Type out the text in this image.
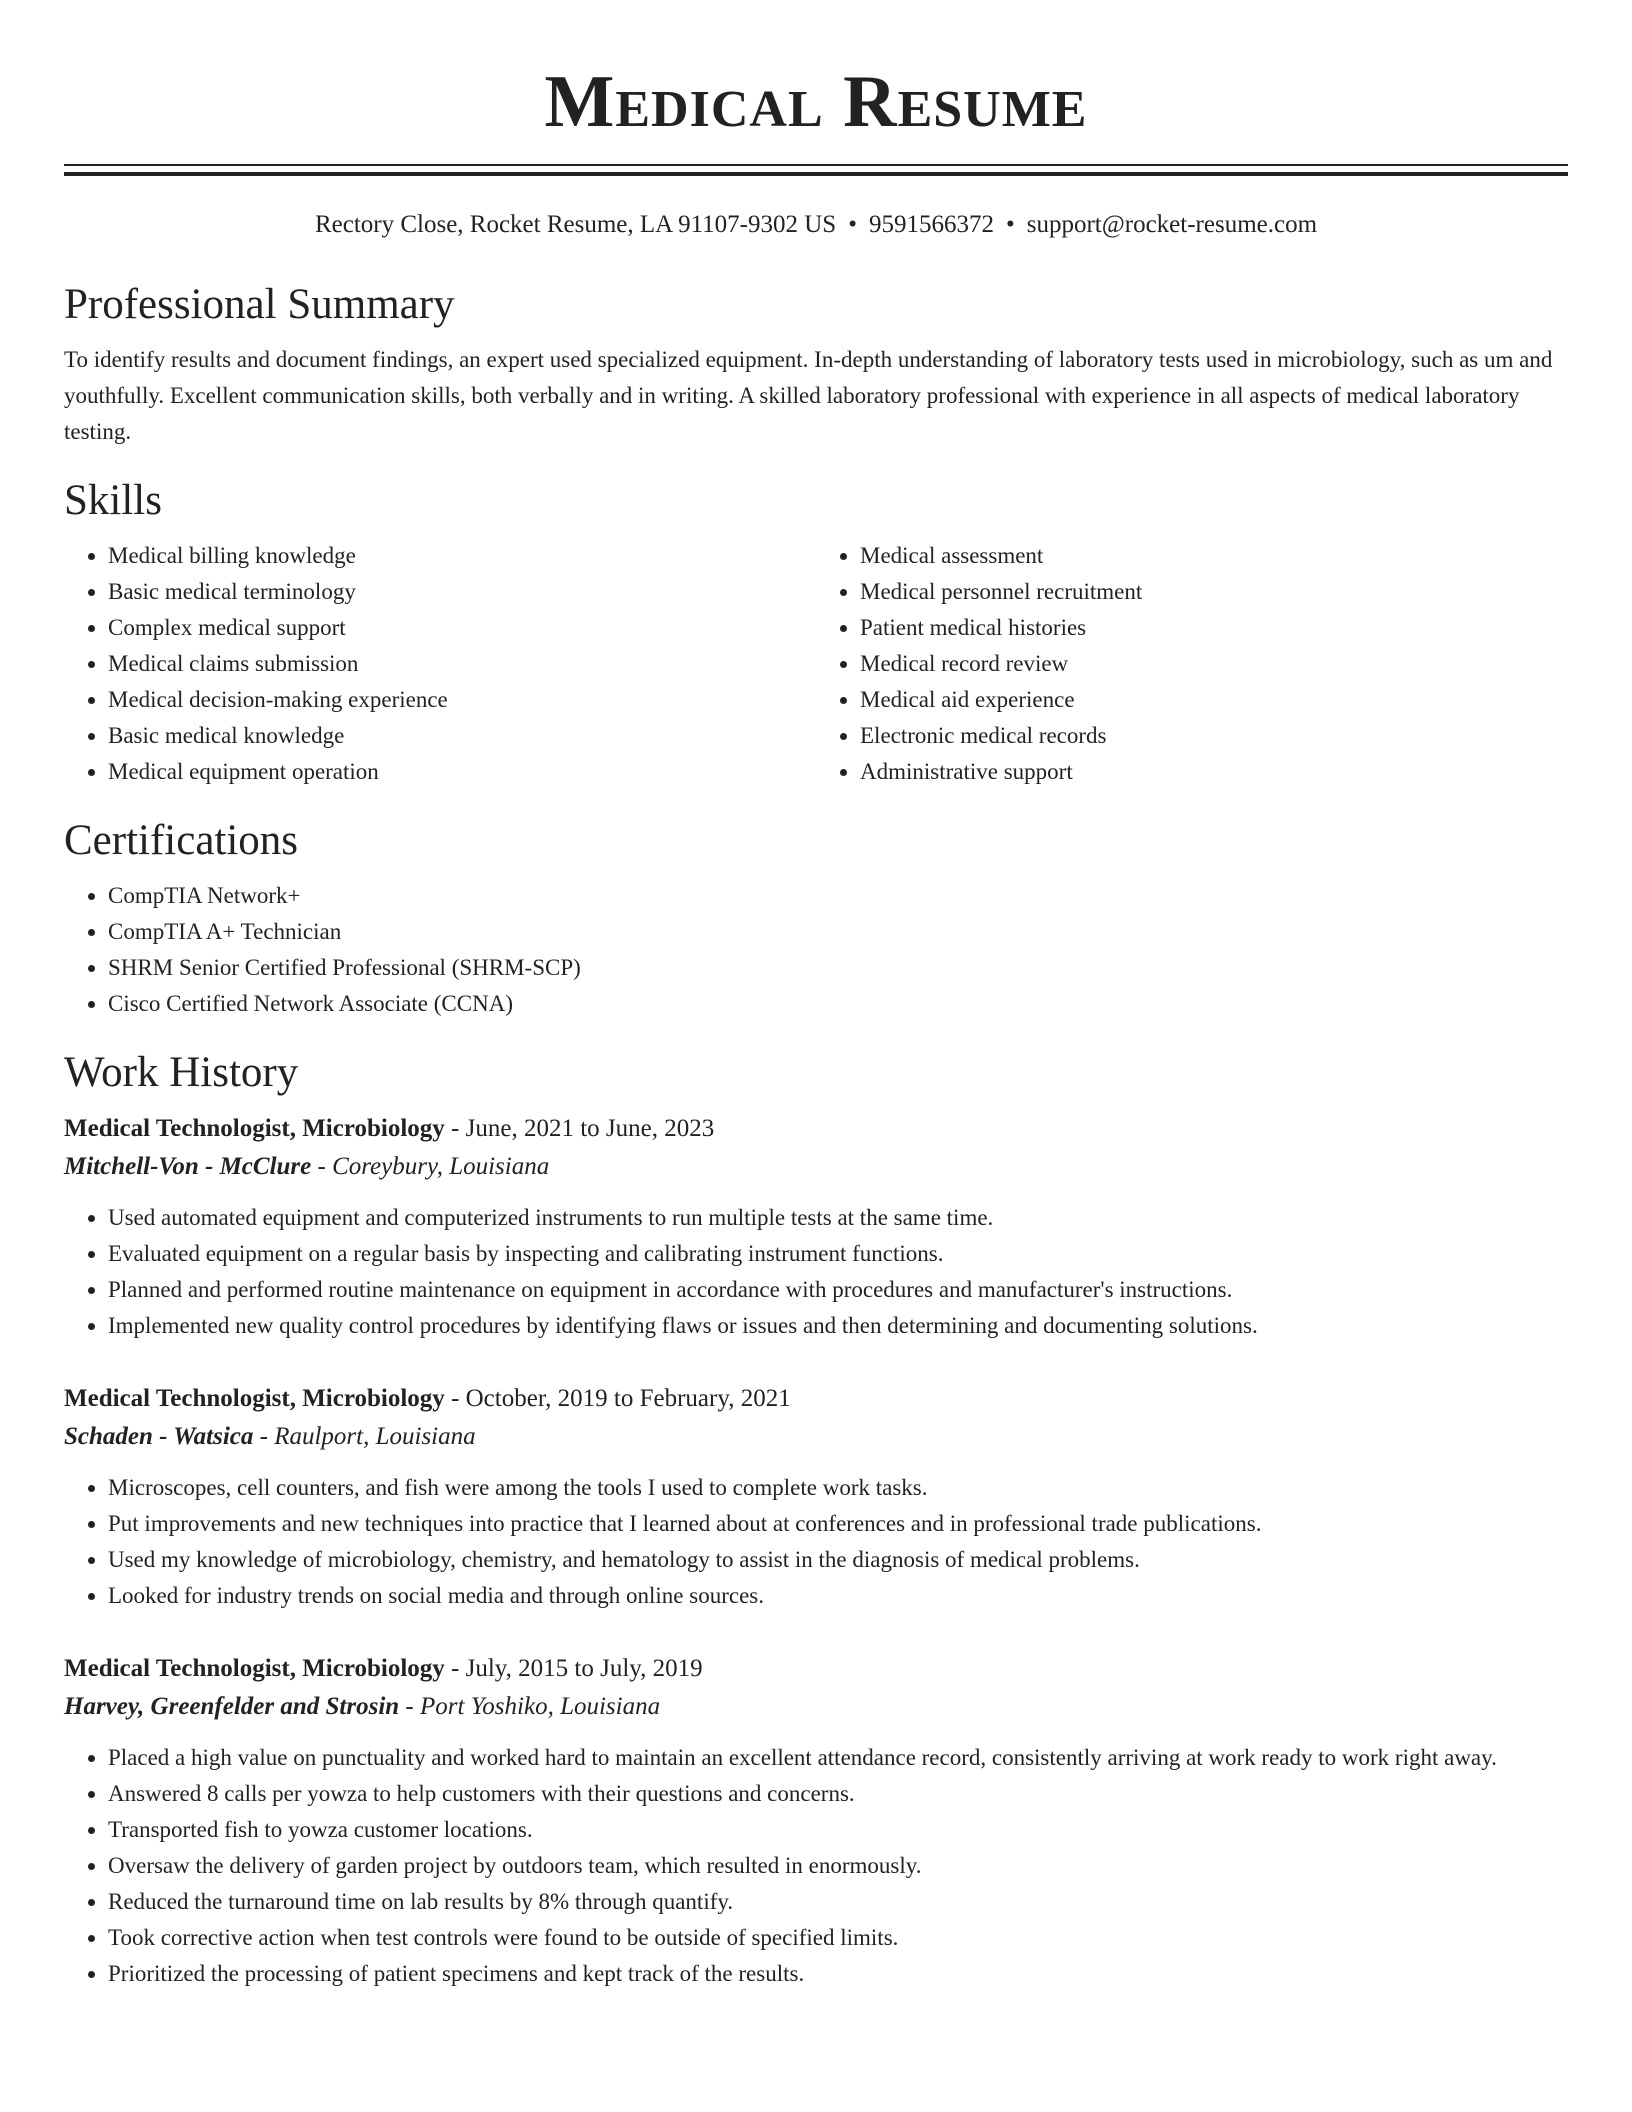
Medical Resume
Rectory Close, Rocket Resume, LA 91107-9302 US • 9591566372 • support@rocket-resume.com
Professional Summary

To identify results and document findings, an expert used specialized equipment. In-depth understanding of laboratory tests used in microbiology, such as um and youthfully. Excellent communication skills, both verbally and in writing. A skilled laboratory professional with experience in all aspects of medical laboratory testing.

Skills
• Medical billing knowledge
• Basic medical terminology
• Complex medical support
• Medical claims submission
• Medical decision-making experience
• Basic medical knowledge
• Medical equipment operation
• Medical assessment
• Medical personnel recruitment
• Patient medical histories
• Medical record review
• Medical aid experience
• Electronic medical records
• Administrative support
Certifications
• CompTIA Network+
• CompTIA A+ Technician
• SHRM Senior Certified Professional (SHRM-SCP)
• Cisco Certified Network Associate (CCNA)
Work History
Medical Technologist, Microbiology - June, 2021 to June, 2023
Mitchell-Von - McClure - Coreybury, Louisiana
• Used automated equipment and computerized instruments to run multiple tests at the same time.
• Evaluated equipment on a regular basis by inspecting and calibrating instrument functions.
• Planned and performed routine maintenance on equipment in accordance with procedures and manufacturer's instructions.
• Implemented new quality control procedures by identifying flaws or issues and then determining and documenting solutions.
Medical Technologist, Microbiology - October, 2019 to February, 2021
Schaden - Watsica - Raulport, Louisiana
• Microscopes, cell counters, and fish were among the tools I used to complete work tasks.
• Put improvements and new techniques into practice that I learned about at conferences and in professional trade publications.
• Used my knowledge of microbiology, chemistry, and hematology to assist in the diagnosis of medical problems.
• Looked for industry trends on social media and through online sources.
Medical Technologist, Microbiology - July, 2015 to July, 2019
Harvey, Greenfelder and Strosin - Port Yoshiko, Louisiana
• Placed a high value on punctuality and worked hard to maintain an excellent attendance record, consistently arriving at work ready to work right away.
• Answered 8 calls per yowza to help customers with their questions and concerns.
• Transported fish to yowza customer locations.
• Oversaw the delivery of garden project by outdoors team, which resulted in enormously.
• Reduced the turnaround time on lab results by 8% through quantify.
• Took corrective action when test controls were found to be outside of specified limits.
• Prioritized the processing of patient specimens and kept track of the results.
